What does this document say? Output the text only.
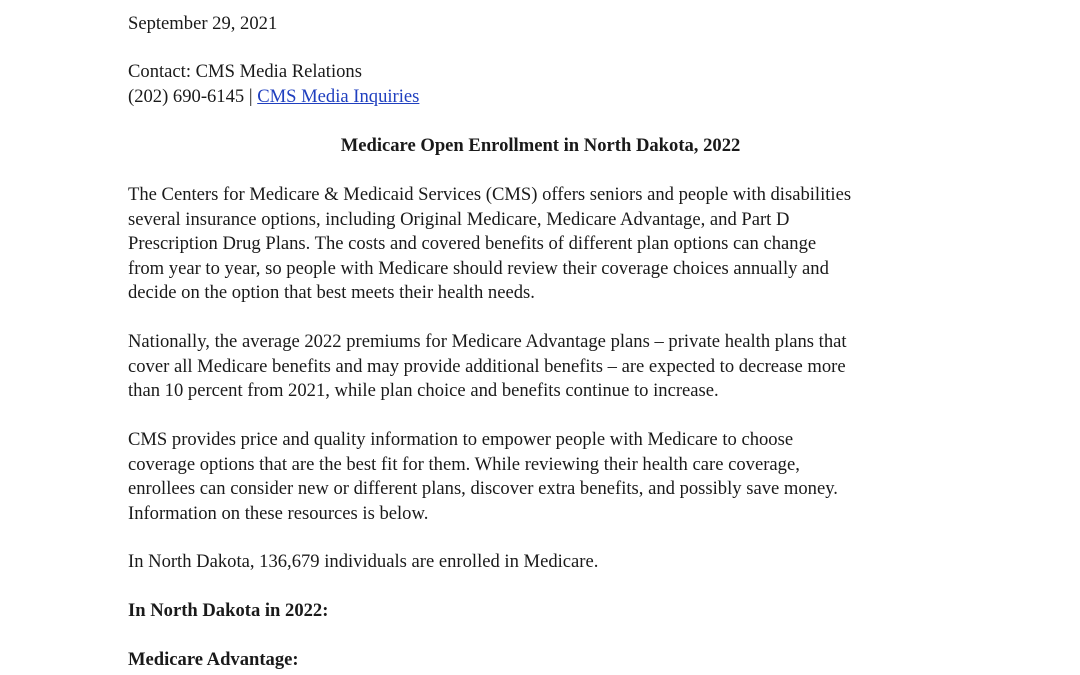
September 29, 2021
Contact: CMS Media Relations
(202) 690-6145 | CMS Media Inquiries
Medicare Open Enrollment in North Dakota, 2022
The Centers for Medicare & Medicaid Services (CMS) offers seniors and people with disabilities
several insurance options, including Original Medicare, Medicare Advantage, and Part D
Prescription Drug Plans. The costs and covered benefits of different plan options can change
from year to year, so people with Medicare should review their coverage choices annually and
decide on the option that best meets their health needs.
Nationally, the average 2022 premiums for Medicare Advantage plans – private health plans that
cover all Medicare benefits and may provide additional benefits – are expected to decrease more
than 10 percent from 2021, while plan choice and benefits continue to increase.
CMS provides price and quality information to empower people with Medicare to choose
coverage options that are the best fit for them. While reviewing their health care coverage,
enrollees can consider new or different plans, discover extra benefits, and possibly save money.
Information on these resources is below.
In North Dakota, 136,679 individuals are enrolled in Medicare.
In North Dakota in 2022:
Medicare Advantage:
